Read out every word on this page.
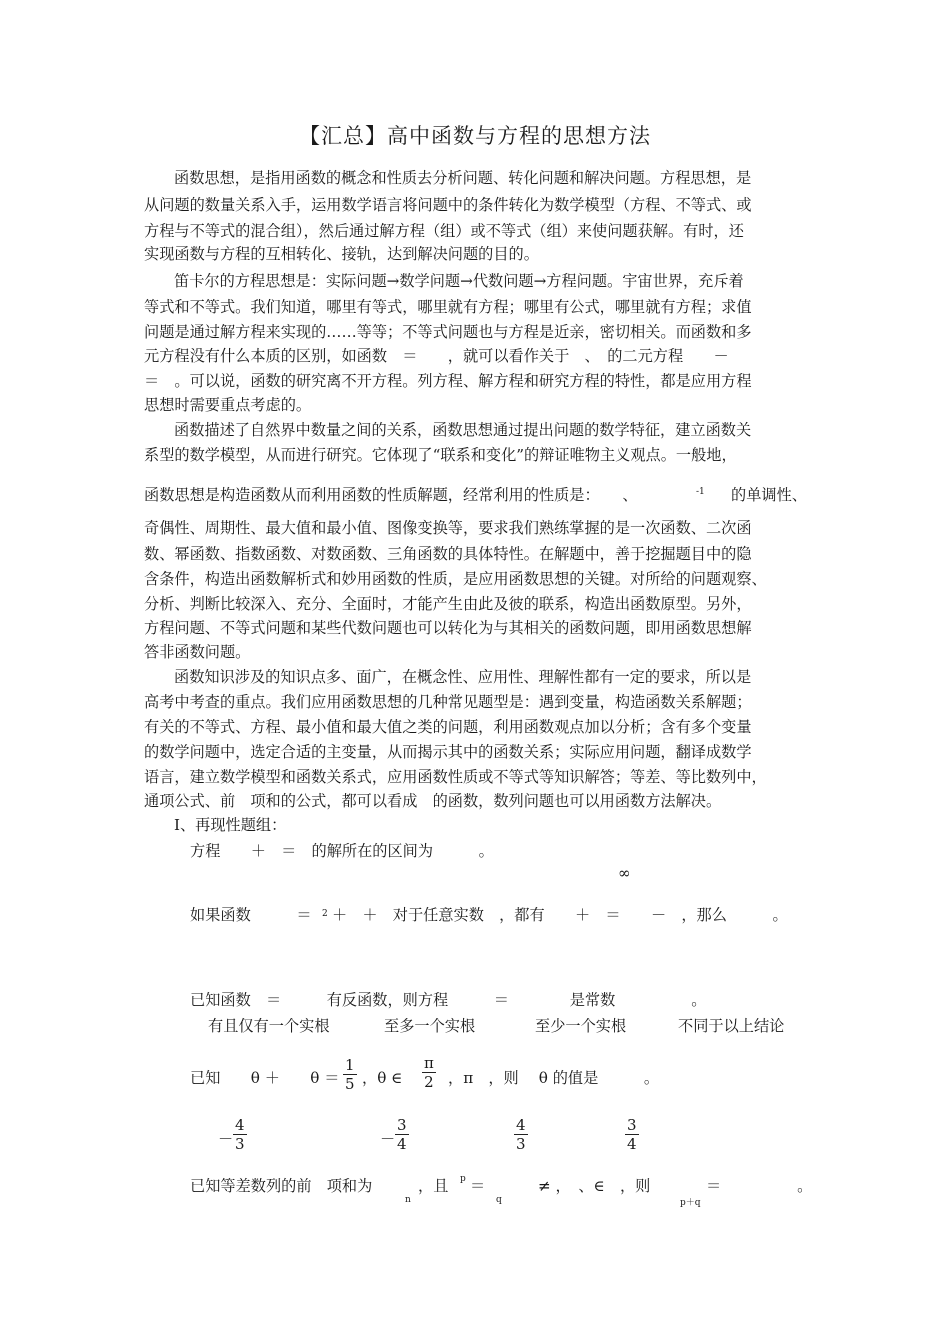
【汇总】高中函数与方程的思想方法
函数思想，是指用函数的概念和性质去分析问题、转化问题和解决问题。方程思想，是
从问题的数量关系入手，运用数学语言将问题中的条件转化为数学模型（方程、不等式、或
方程与不等式的混合组），然后通过解方程（组）或不等式（组）来使问题获解。有时，还
实现函数与方程的互相转化、接轨，达到解决问题的目的。
笛卡尔的方程思想是：实际问题→数学问题→代数问题→方程问题。宇宙世界，充斥着
等式和不等式。我们知道，哪里有等式，哪里就有方程；哪里有公式，哪里就有方程；求值
问题是通过解方程来实现的……等等；不等式问题也与方程是近亲，密切相关。而函数和多
元方程没有什么本质的区别，如函数　＝　　，就可以看作关于　、　的二元方程　　－
＝　。可以说，函数的研究离不开方程。列方程、解方程和研究方程的特性，都是应用方程
思想时需要重点考虑的。
函数描述了自然界中数量之间的关系，函数思想通过提出问题的数学特征，建立函数关
系型的数学模型，从而进行研究。它体现了“联系和变化”的辩证唯物主义观点。一般地，
函数思想是构造函数从而利用函数的性质解题，经常利用的性质是：　　、	-1 的单调性、
奇偶性、周期性、最大值和最小值、图像变换等，要求我们熟练掌握的是一次函数、二次函
数、幂函数、指数函数、对数函数、三角函数的具体特性。在解题中，善于挖掘题目中的隐
含条件，构造出函数解析式和妙用函数的性质，是应用函数思想的关键。对所给的问题观察、
分析、判断比较深入、充分、全面时，才能产生由此及彼的联系，构造出函数原型。另外，
方程问题、不等式问题和某些代数问题也可以转化为与其相关的函数问题，即用函数思想解
答非函数问题。
函数知识涉及的知识点多、面广，在概念性、应用性、理解性都有一定的要求，所以是
高考中考查的重点。我们应用函数思想的几种常见题型是：遇到变量，构造函数关系解题；
有关的不等式、方程、最小值和最大值之类的问题，利用函数观点加以分析；含有多个变量
的数学问题中，选定合适的主变量，从而揭示其中的函数关系；实际应用问题，翻译成数学
语言，建立数学模型和函数关系式，应用函数性质或不等式等知识解答；等差、等比数列中，
通项公式、前　项和的公式，都可以看成　的函数，数列问题也可以用函数方法解决。
Ⅰ、再现性题组：
方程　　＋　＝　的解所在的区间为　　　。
∞
如果函数　　　＝ 2 ＋　＋　对于任意实数　，都有　　＋　＝　　－　，那么　　　。
已知函数　＝　　　有反函数，则方程　　　＝　　　　是常数　　　　　。
有且仅有一个实根	至多一个实根	至少一个实根	不同于以上结论
已知　　θ ＋　　$\theta = \frac{1}{5}$ ，θ ∈ $\frac{\pi}{2}$ ，π　，则　 θ 的值是　　　。
－ $\frac{4}{3}$	－ $\frac{3}{4}$	$\frac{4}{3}$	$\frac{3}{4}$
已知等差数列的前　项和为
n
，且 p ＝
q
≠ ，　、∈　，则
p＋q
＝　　　　　。
